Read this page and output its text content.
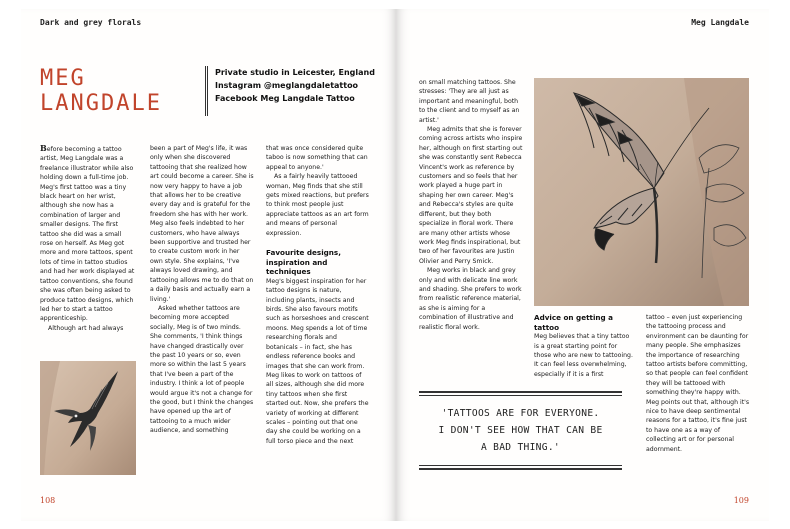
Dark and grey florals
MEG
LANGDALE
Private studio in Leicester, England
Instagram @meglangdaletattoo
Facebook Meg Langdale Tattoo

Before becoming a tattoo artist, Meg Langdale was a freelance illustrator while also holding down a full-time job. Meg's first tattoo was a tiny black heart on her wrist, although she now has a combination of larger and smaller designs. The first tattoo she did was a small rose on herself. As Meg got more and more tattoos, spent lots of time in tattoo studios and had her work displayed at tattoo conventions, she found she was often being asked to produce tattoo designs, which led her to start a tattoo apprenticeship.

Although art had always

been a part of Meg's life, it was only when she discovered tattooing that she realized how art could become a career. She is now very happy to have a job that allows her to be creative every day and is grateful for the freedom she has with her work. Meg also feels indebted to her customers, who have always been supportive and trusted her to create custom work in her own style. She explains, 'I've always loved drawing, and tattooing allows me to do that on a daily basis and actually earn a living.'

Asked whether tattoos are becoming more accepted socially, Meg is of two minds. She comments, 'I think things have changed drastically over the past 10 years or so, even more so within the last 5 years that I've been a part of the industry. I think a lot of people would argue it's not a change for the good, but I think the changes have opened up the art of tattooing to a much wider audience, and something

that was once considered quite taboo is now something that can appeal to anyone.'

As a fairly heavily tattooed woman, Meg finds that she still gets mixed reactions, but prefers to think most people just appreciate tattoos as an art form and means of personal expression.

Favourite designs, inspiration and techniques

Meg's biggest inspiration for her tattoo designs is nature, including plants, insects and birds. She also favours motifs such as horseshoes and crescent moons. Meg spends a lot of time researching florals and botanicals – in fact, she has endless reference books and images that she can work from. Meg likes to work on tattoos of all sizes, although she did more tiny tattoos when she first started out. Now, she prefers the variety of working at different scales – pointing out that one day she could be working on a full torso piece and the next

108
Meg Langdale

on small matching tattoos. She stresses: 'They are all just as important and meaningful, both to the client and to myself as an artist.'

Meg admits that she is forever coming across artists who inspire her, although on first starting out she was constantly sent Rebecca Vincent's work as reference by customers and so feels that her work played a huge part in shaping her own career. Meg's and Rebecca's styles are quite different, but they both specialize in floral work. There are many other artists whose work Meg finds inspirational, but two of her favourites are Justin Olivier and Perry Smick.

Meg works in black and grey only and with delicate line work and shading. She prefers to work from realistic reference material, as she is aiming for a combination of illustrative and realistic floral work.

Advice on getting a tattoo

Meg believes that a tiny tattoo is a great starting point for those who are new to tattooing. It can feel less overwhelming, especially if it is a first

tattoo – even just experiencing the tattooing process and environment can be daunting for many people. She emphasizes the importance of researching tattoo artists before committing, so that people can feel confident they will be tattooed with something they're happy with. Meg points out that, although it's nice to have deep sentimental reasons for a tattoo, it's fine just to have one as a way of collecting art or for personal adornment.

'TATTOOS ARE FOR EVERYONE.
I DON'T SEE HOW THAT CAN BE
A BAD THING.'
109
